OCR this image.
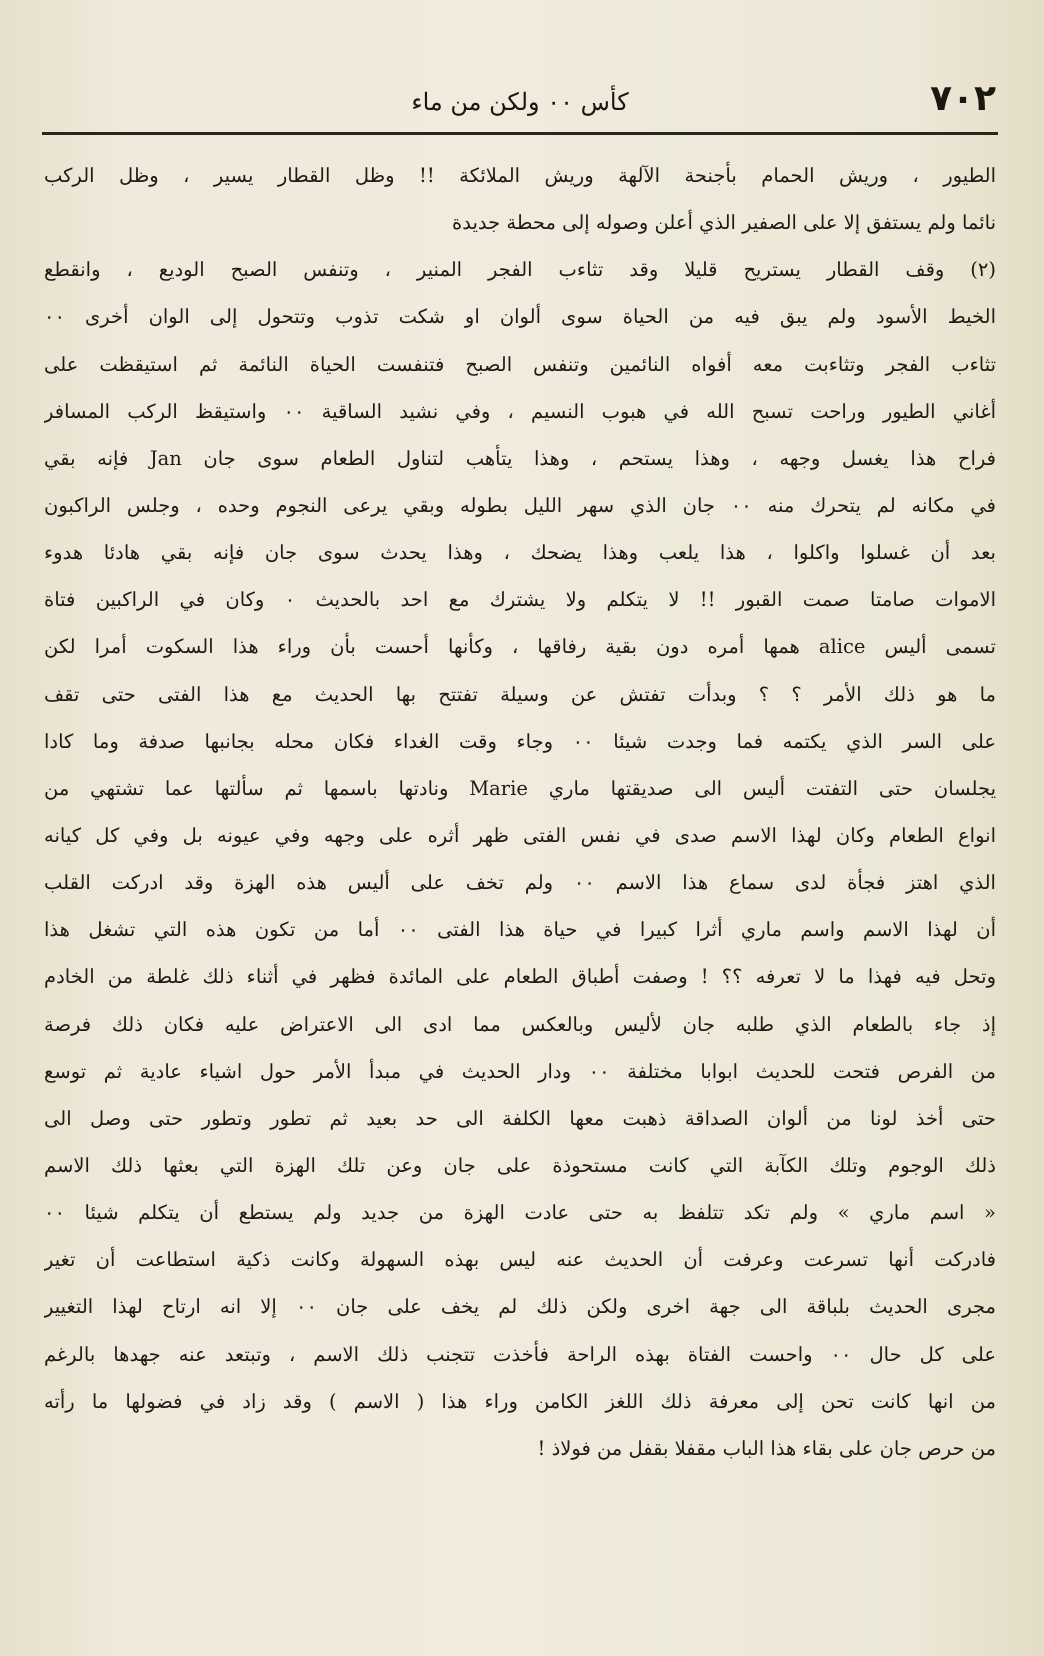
٧٠٢
كأس ٠٠ ولكن من ماء
الطيور ، وريش الحمام بأجنحة الآلهة وريش الملائكة !! وظل القطار يسير ، وظل الركب
نائما ولم يستفق إلا على الصفير الذي أعلن وصوله إلى محطة جديدة
(٢) وقف القطار يستريح قليلا وقد تثاءب الفجر المنير ، وتنفس الصبح الوديع ، وانقطع
الخيط الأسود ولم يبق فيه من الحياة سوى ألوان او شكت تذوب وتتحول إلى الوان أخرى ٠٠
تثاءب الفجر وتثاءبت معه أفواه النائمين وتنفس الصبح فتنفست الحياة النائمة ثم استيقظت على
أغاني الطيور وراحت تسبح الله في هبوب النسيم ، وفي نشيد الساقية ٠٠ واستيقظ الركب المسافر
فراح هذا يغسل وجهه ، وهذا يستحم ، وهذا يتأهب لتناول الطعام سوى جان Jan فإنه بقي
في مكانه لم يتحرك منه ٠٠ جان الذي سهر الليل بطوله وبقي يرعى النجوم وحده ، وجلس الراكبون
بعد أن غسلوا واكلوا ، هذا يلعب وهذا يضحك ، وهذا يحدث سوى جان فإنه بقي هادئا هدوء
الاموات صامتا صمت القبور !! لا يتكلم ولا يشترك مع احد بالحديث ٠ وكان في الراكبين فتاة
تسمى أليس alice همها أمره دون بقية رفاقها ، وكأنها أحست بأن وراء هذا السكوت أمرا لكن
ما هو ذلك الأمر ؟ ؟ وبدأت تفتش عن وسيلة تفتتح بها الحديث مع هذا الفتى حتى تقف
على السر الذي يكتمه فما وجدت شيئا ٠٠ وجاء وقت الغداء فكان محله بجانبها صدفة وما كادا
يجلسان حتى التفتت أليس الى صديقتها ماري Marie ونادتها باسمها ثم سألتها عما تشتهي من
انواع الطعام وكان لهذا الاسم صدى في نفس الفتى ظهر أثره على وجهه وفي عيونه بل وفي كل كيانه
الذي اهتز فجأة لدى سماع هذا الاسم ٠٠ ولم تخف على أليس هذه الهزة وقد ادركت القلب
أن لهذا الاسم واسم ماري أثرا كبيرا في حياة هذا الفتى ٠٠ أما من تكون هذه التي تشغل هذا
وتحل فيه فهذا ما لا تعرفه ؟؟ ! وصفت أطباق الطعام على المائدة فظهر في أثناء ذلك غلطة من الخادم
إذ جاء بالطعام الذي طلبه جان لأليس وبالعكس مما ادى الى الاعتراض عليه فكان ذلك فرصة
من الفرص فتحت للحديث ابوابا مختلفة ٠٠ ودار الحديث في مبدأ الأمر حول اشياء عادية ثم توسع
حتى أخذ لونا من ألوان الصداقة ذهبت معها الكلفة الى حد بعيد ثم تطور وتطور حتى وصل الى
ذلك الوجوم وتلك الكآبة التي كانت مستحوذة على جان وعن تلك الهزة التي بعثها ذلك الاسم
« اسم ماري » ولم تكد تتلفظ به حتى عادت الهزة من جديد ولم يستطع أن يتكلم شيئا ٠٠
فادركت أنها تسرعت وعرفت أن الحديث عنه ليس بهذه السهولة وكانت ذكية استطاعت أن تغير
مجرى الحديث بلباقة الى جهة اخرى ولكن ذلك لم يخف على جان ٠٠ إلا انه ارتاح لهذا التغيير
على كل حال ٠٠ واحست الفتاة بهذه الراحة فأخذت تتجنب ذلك الاسم ، وتبتعد عنه جهدها بالرغم
من انها كانت تحن إلى معرفة ذلك اللغز الكامن وراء هذا ( الاسم ) وقد زاد في فضولها ما رأته
من حرص جان على بقاء هذا الباب مقفلا بقفل من فولاذ !
